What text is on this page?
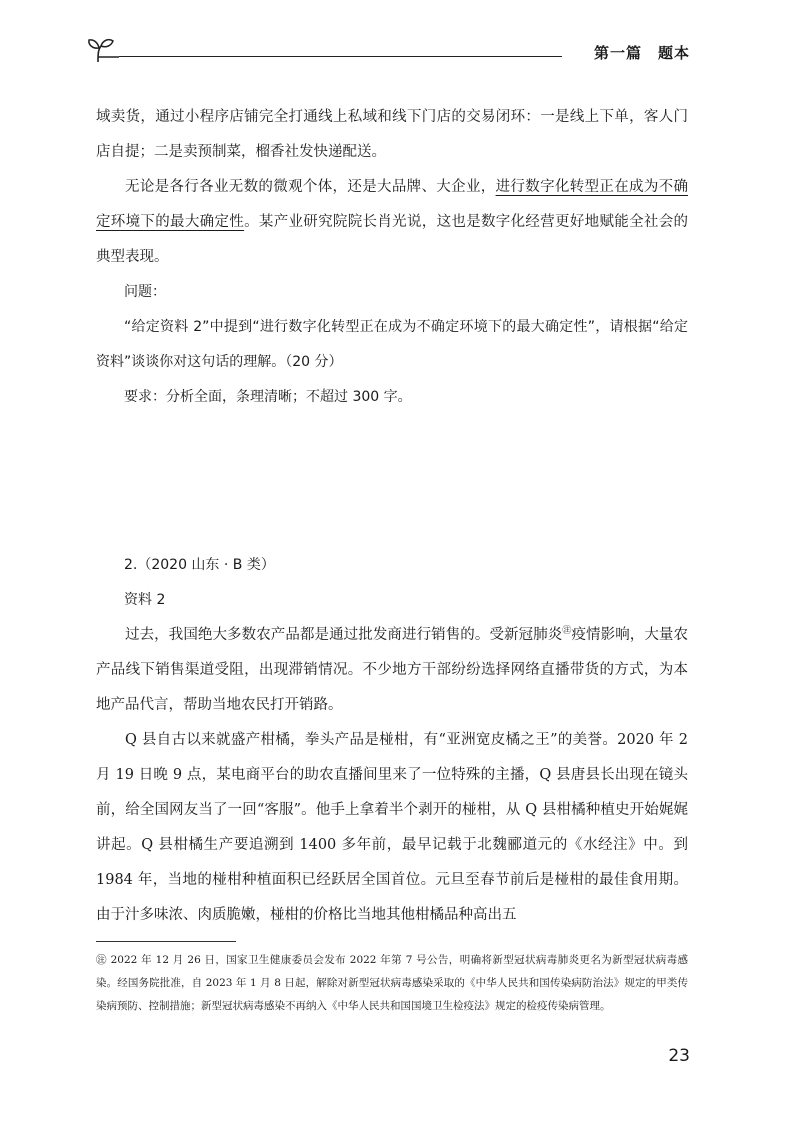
第一篇　题本

域卖货，通过小程序店铺完全打通线上私域和线下门店的交易闭环：一是线上下单，客人门店自提；二是卖预制菜，榴香社发快递配送。

无论是各行各业无数的微观个体，还是大品牌、大企业，进行数字化转型正在成为不确定环境下的最大确定性。某产业研究院院长肖光说，这也是数字化经营更好地赋能全社会的典型表现。

问题：

“给定资料 2”中提到“进行数字化转型正在成为不确定环境下的最大确定性”，请根据“给定资料”谈谈你对这句话的理解。（20 分）

要求：分析全面，条理清晰；不超过 300 字。

2.（2020 山东 · B 类）

资料 2

过去，我国绝大多数农产品都是通过批发商进行销售的。受新冠肺炎㊟疫情影响，大量农产品线下销售渠道受阻，出现滞销情况。不少地方干部纷纷选择网络直播带货的方式，为本地产品代言，帮助当地农民打开销路。

Q 县自古以来就盛产柑橘，拳头产品是椪柑，有“亚洲宽皮橘之王”的美誉。2020 年 2 月 19 日晚 9 点，某电商平台的助农直播间里来了一位特殊的主播，Q 县唐县长出现在镜头前，给全国网友当了一回“客服”。他手上拿着半个剥开的椪柑，从 Q 县柑橘种植史开始娓娓讲起。Q 县柑橘生产要追溯到 1400 多年前，最早记载于北魏郦道元的《水经注》中。到 1984 年，当地的椪柑种植面积已经跃居全国首位。元旦至春节前后是椪柑的最佳食用期。由于汁多味浓、肉质脆嫩，椪柑的价格比当地其他柑橘品种高出五

㊟ 2022 年 12 月 26 日，国家卫生健康委员会发布 2022 年第 7 号公告，明确将新型冠状病毒肺炎更名为新型冠状病毒感染。经国务院批准，自 2023 年 1 月 8 日起，解除对新型冠状病毒感染采取的《中华人民共和国传染病防治法》规定的甲类传染病预防、控制措施；新型冠状病毒感染不再纳入《中华人民共和国国境卫生检疫法》规定的检疫传染病管理。
23
